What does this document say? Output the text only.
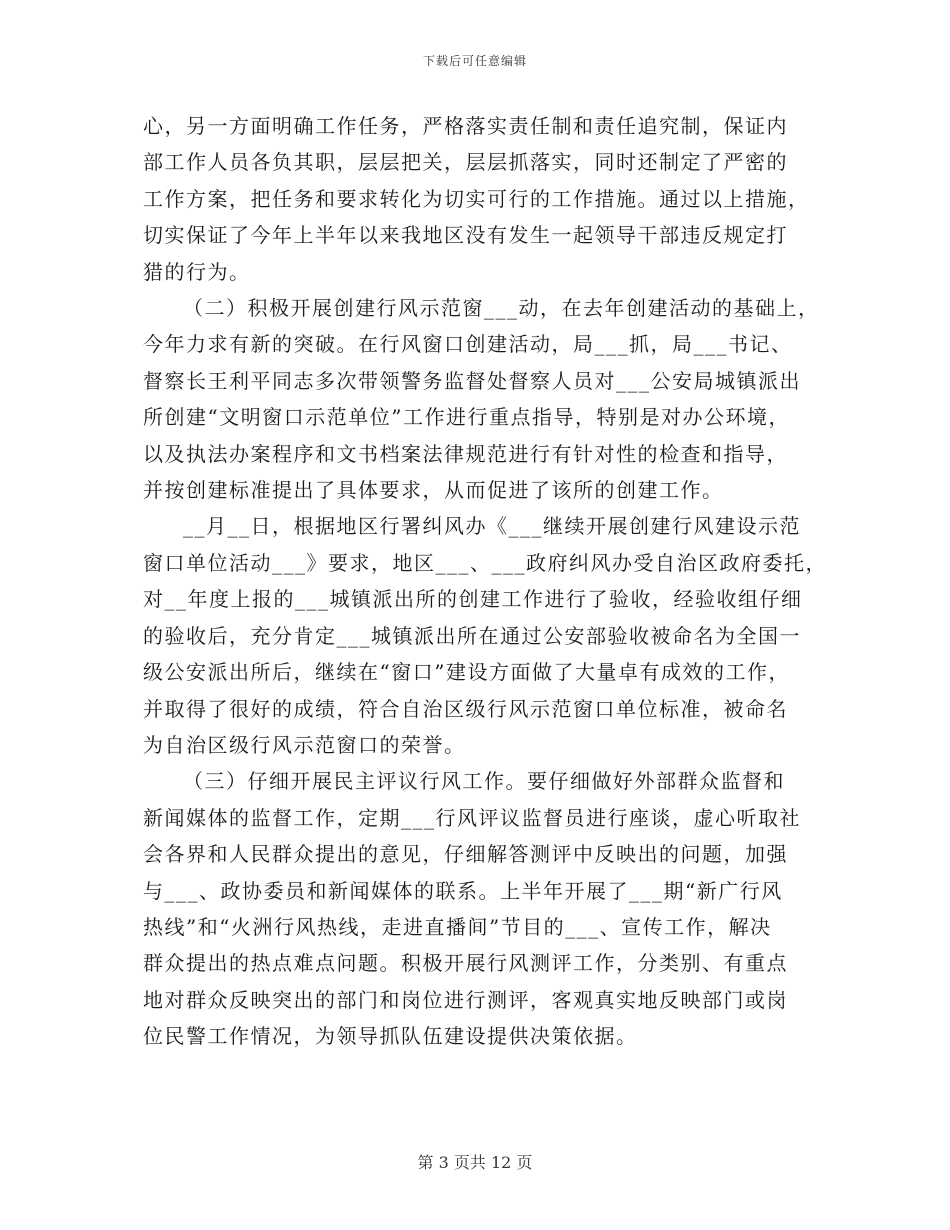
下载后可任意编辑

心，另一方面明确工作任务，严格落实责任制和责任追究制，保证内
部工作人员各负其职，层层把关，层层抓落实，同时还制定了严密的
工作方案，把任务和要求转化为切实可行的工作措施。通过以上措施，
切实保证了今年上半年以来我地区没有发生一起领导干部违反规定打
猎的行为。

（二）积极开展创建行风示范窗___动，在去年创建活动的基础上，
今年力求有新的突破。在行风窗口创建活动，局___抓，局___书记、
督察长王利平同志多次带领警务监督处督察人员对___公安局城镇派出
所创建“文明窗口示范单位”工作进行重点指导，特别是对办公环境，
以及执法办案程序和文书档案法律规范进行有针对性的检查和指导，
并按创建标准提出了具体要求，从而促进了该所的创建工作。

__月__日，根据地区行署纠风办《___继续开展创建行风建设示范
窗口单位活动___》要求，地区___、___政府纠风办受自治区政府委托，
对__年度上报的___城镇派出所的创建工作进行了验收，经验收组仔细
的验收后，充分肯定___城镇派出所在通过公安部验收被命名为全国一
级公安派出所后，继续在“窗口”建设方面做了大量卓有成效的工作，
并取得了很好的成绩，符合自治区级行风示范窗口单位标准，被命名
为自治区级行风示范窗口的荣誉。

（三）仔细开展民主评议行风工作。要仔细做好外部群众监督和
新闻媒体的监督工作，定期___行风评议监督员进行座谈，虚心听取社
会各界和人民群众提出的意见，仔细解答测评中反映出的问题，加强
与___、政协委员和新闻媒体的联系。上半年开展了___期“新广行风
热线”和“火洲行风热线，走进直播间”节目的___、宣传工作，解决
群众提出的热点难点问题。积极开展行风测评工作，分类别、有重点
地对群众反映突出的部门和岗位进行测评，客观真实地反映部门或岗
位民警工作情况，为领导抓队伍建设提供决策依据。

第 3 页共 12 页
